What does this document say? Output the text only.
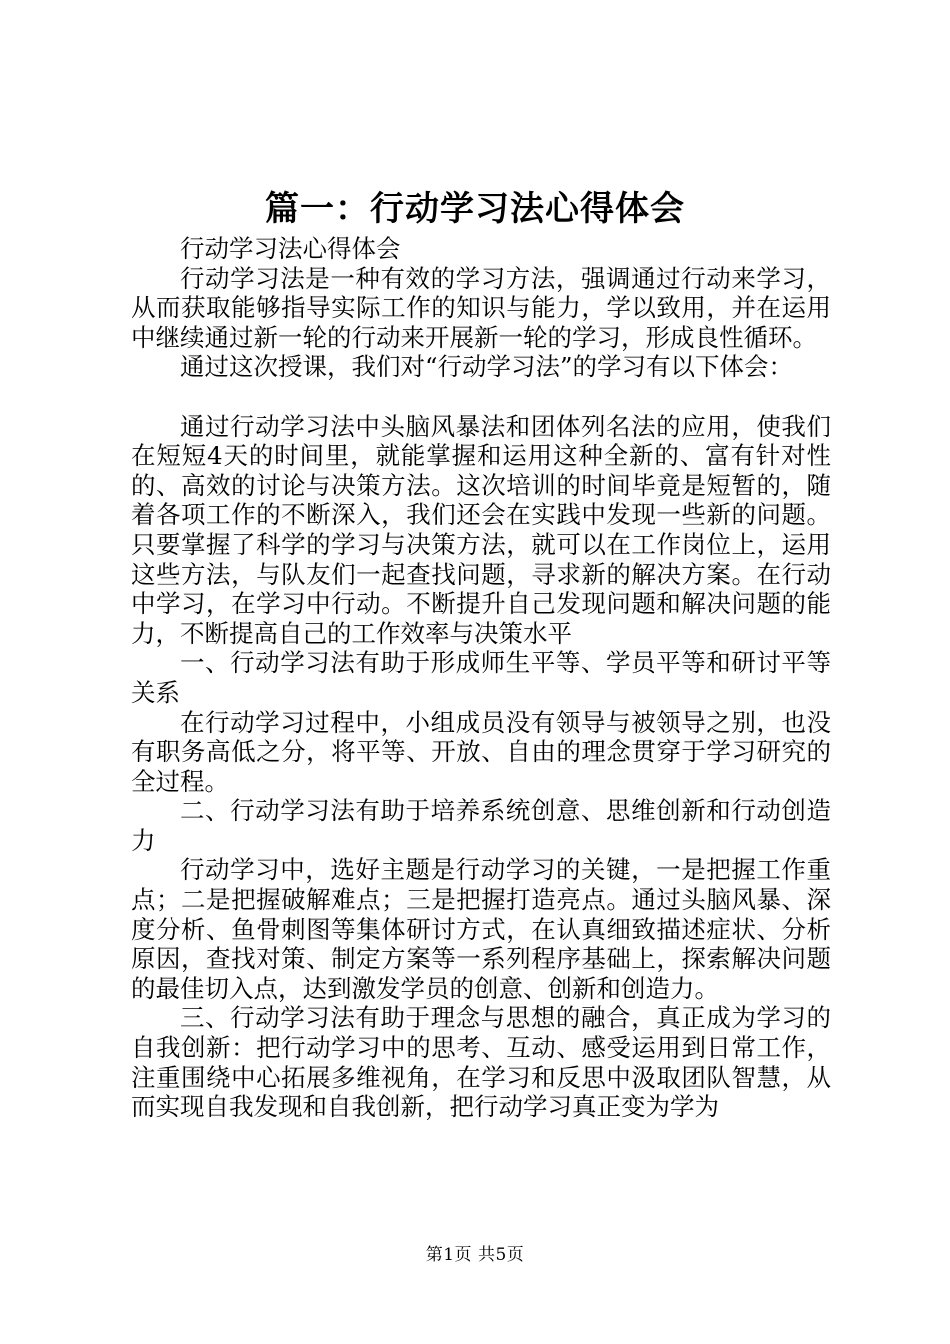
篇一：行动学习法心得体会

行动学习法心得体会

行动学习法是一种有效的学习方法，强调通过行动来学习，从而获取能够指导实际工作的知识与能力，学以致用，并在运用中继续通过新一轮的行动来开展新一轮的学习，形成良性循环。

通过这次授课，我们对“行动学习法”的学习有以下体会：

通过行动学习法中头脑风暴法和团体列名法的应用，使我们在短短4天的时间里，就能掌握和运用这种全新的、富有针对性的、高效的讨论与决策方法。这次培训的时间毕竟是短暂的，随着各项工作的不断深入，我们还会在实践中发现一些新的问题。只要掌握了科学的学习与决策方法，就可以在工作岗位上，运用这些方法，与队友们一起查找问题，寻求新的解决方案。在行动中学习，在学习中行动。不断提升自己发现问题和解决问题的能力，不断提高自己的工作效率与决策水平

一、行动学习法有助于形成师生平等、学员平等和研讨平等关系

在行动学习过程中，小组成员没有领导与被领导之别，也没有职务高低之分，将平等、开放、自由的理念贯穿于学习研究的全过程。

二、行动学习法有助于培养系统创意、思维创新和行动创造力

行动学习中，选好主题是行动学习的关键，一是把握工作重点；二是把握破解难点；三是把握打造亮点。通过头脑风暴、深度分析、鱼骨刺图等集体研讨方式，在认真细致描述症状、分析原因，查找对策、制定方案等一系列程序基础上，探索解决问题的最佳切入点，达到激发学员的创意、创新和创造力。

三、行动学习法有助于理念与思想的融合，真正成为学习的自我创新：把行动学习中的思考、互动、感受运用到日常工作，注重围绕中心拓展多维视角，在学习和反思中汲取团队智慧，从而实现自我发现和自我创新，把行动学习真正变为学为

第1页 共5页
